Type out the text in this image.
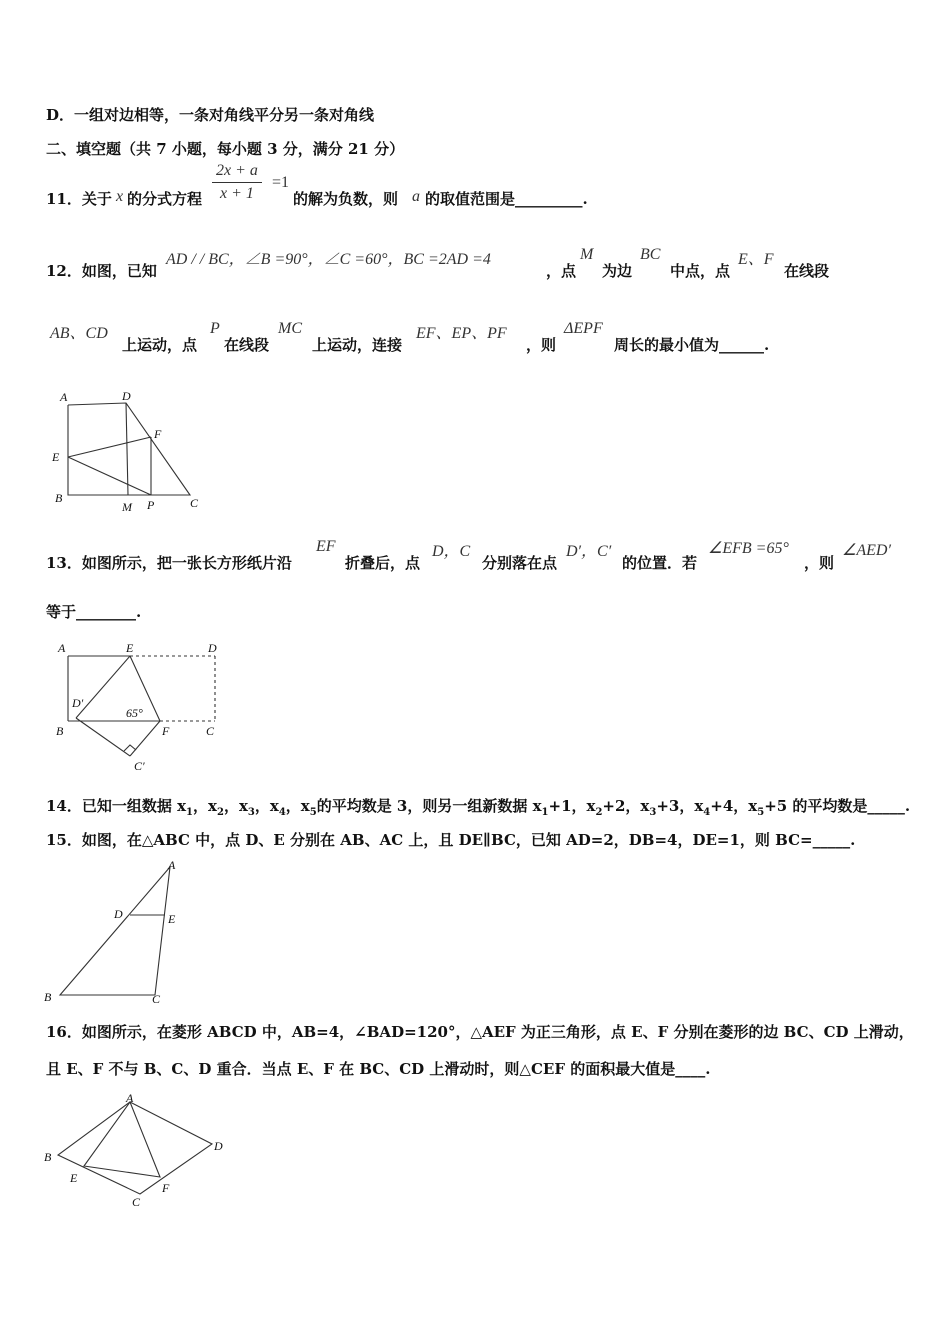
D．一组对边相等，一条对角线平分另一条对角线
二、填空题（共 7 小题，每小题 3 分，满分 21 分）
11．关于 x 的分式方程 $\frac{2x + a}{x + 1} =1$
的解为负数，则 a 的取值范围是_________.
12．如图，已知
AD / / BC，∠B =90°，∠C =60°，BC =2AD =4
，点
M
为边
BC
中点，点
E、F
在线段
AB、CD
上运动，点
P
在线段
MC
上运动，连接
EF、EP、PF
，则
ΔEPF
周长的最小值为______.
A	D
F
E
B
M P	C
13．如图所示，把一张长方形纸片沿
EF
折叠后，点
D，C
分别落在点
D′，C′
的位置．若
∠EFB =65°
，则
∠AED′
等于________.
A	E	D
D′
65°
B	F	C
C′
14．已知一组数据 $x_1$，$x_2$，$x_3$，$x_4$，$x_5$的平均数是 3，则另一组新数据 $x_1+1$，$x_2+2$，$x_3+3$，$x_4+4$，$x_5+5$ 的平均数是_____.
15．如图，在△ABC 中，点 D、E 分别在 AB、AC 上，且 DE∥BC，已知 AD=2，DB=4，DE=1，则 BC=_____.
A
D	E
B	C
16．如图所示，在菱形 ABCD 中，AB=4，∠BAD=120°，△AEF 为正三角形，点 E、F 分别在菱形的边 BC、CD 上滑动，
且 E、F 不与 B、C、D 重合．当点 E、F 在 BC、CD 上滑动时，则△CEF 的面积最大值是____.
A
B
D
E
C
F
